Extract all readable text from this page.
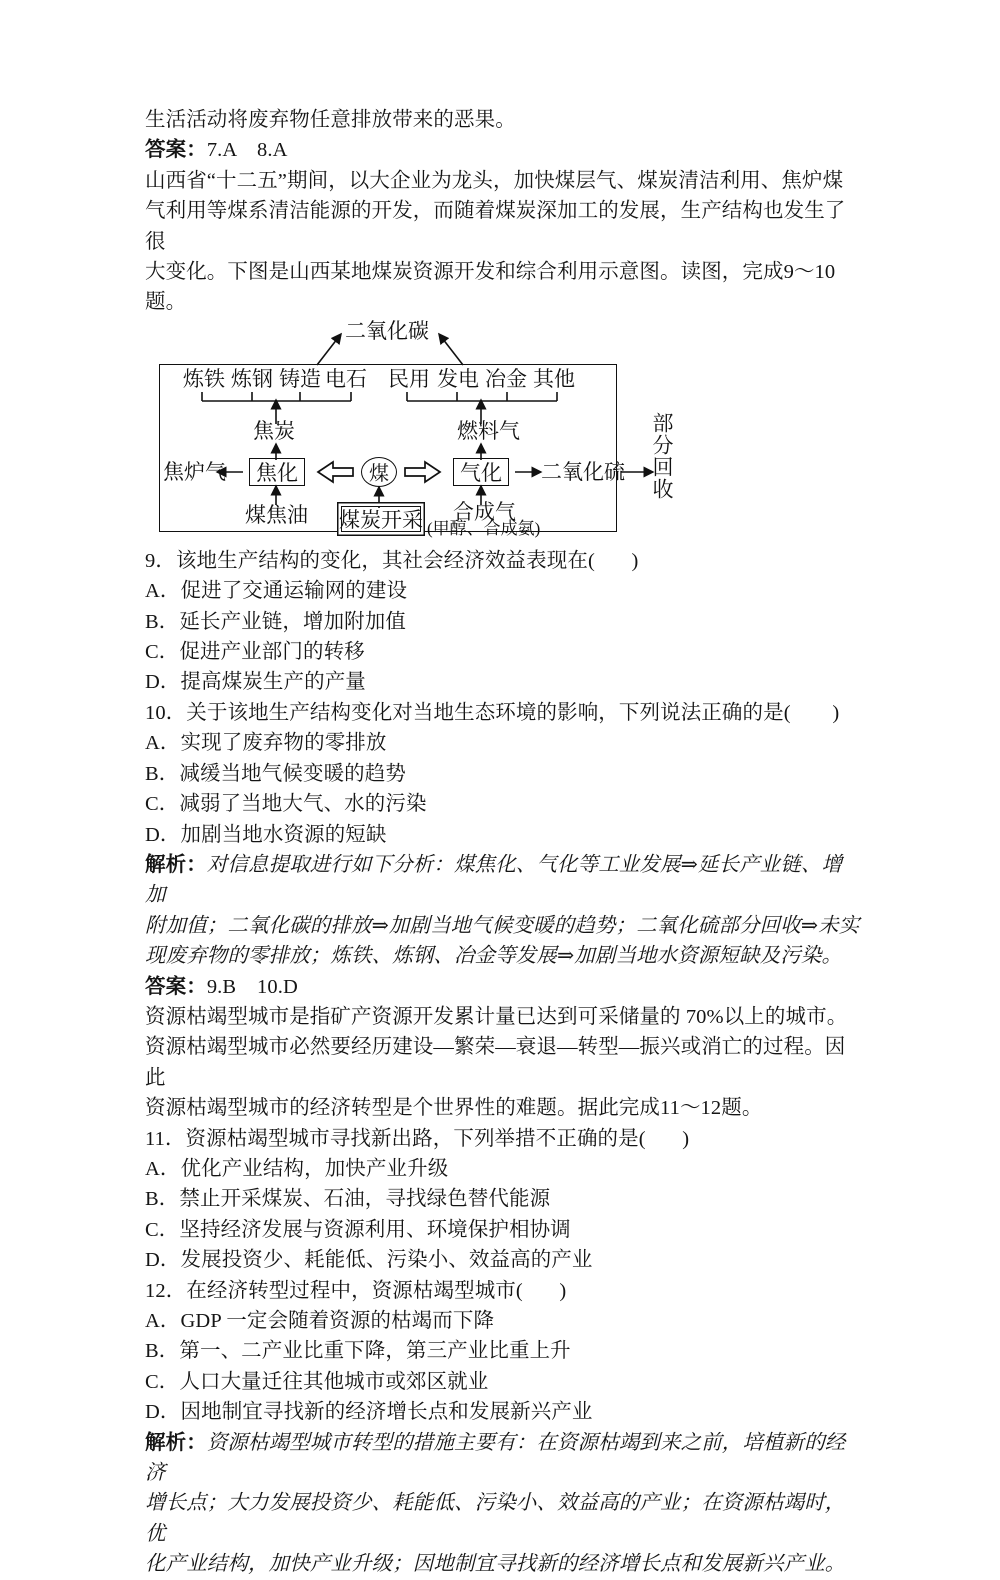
生活活动将废弃物任意排放带来的恶果。
答案：7.A    8.A
山西省“十二五”期间，以大企业为龙头，加快煤层气、煤炭清洁利用、焦炉煤
气利用等煤系清洁能源的开发，而随着煤炭深加工的发展，生产结构也发生了很
大变化。下图是山西某地煤炭资源开发和综合利用示意图。读图，完成9～10题。
二氧化碳
炼铁 炼钢 铸造 电石 民用 发电 冶金 其他
焦炭	燃料气
焦炉气	焦化	煤	气化	二氧化硫 部分回收
煤焦油 煤炭开采 合成气
(甲醇、合成氨)
9．该地生产结构的变化，其社会经济效益表现在(       )
A．促进了交通运输网的建设
B．延长产业链，增加附加值
C．促进产业部门的转移
D．提高煤炭生产的产量
10．关于该地生产结构变化对当地生态环境的影响，下列说法正确的是(        )
A．实现了废弃物的零排放
B．减缓当地气候变暖的趋势
C．减弱了当地大气、水的污染
D．加剧当地水资源的短缺
解析：对信息提取进行如下分析：煤焦化、气化等工业发展⇒延长产业链、增加
附加值；二氧化碳的排放⇒加剧当地气候变暖的趋势；二氧化硫部分回收⇒未实
现废弃物的零排放；炼铁、炼钢、冶金等发展⇒加剧当地水资源短缺及污染。
答案：9.B    10.D
资源枯竭型城市是指矿产资源开发累计量已达到可采储量的 70%以上的城市。
资源枯竭型城市必然要经历建设—繁荣—衰退—转型—振兴或消亡的过程。因此
资源枯竭型城市的经济转型是个世界性的难题。据此完成11～12题。
11．资源枯竭型城市寻找新出路，下列举措不正确的是(       )
A．优化产业结构，加快产业升级
B．禁止开采煤炭、石油，寻找绿色替代能源
C．坚持经济发展与资源利用、环境保护相协调
D．发展投资少、耗能低、污染小、效益高的产业
12．在经济转型过程中，资源枯竭型城市(       )
A．GDP 一定会随着资源的枯竭而下降
B．第一、二产业比重下降，第三产业比重上升
C．人口大量迁往其他城市或郊区就业
D．因地制宜寻找新的经济增长点和发展新兴产业
解析：资源枯竭型城市转型的措施主要有：在资源枯竭到来之前，培植新的经济
增长点；大力发展投资少、耗能低、污染小、效益高的产业；在资源枯竭时，优
化产业结构，加快产业升级；因地制宜寻找新的经济增长点和发展新兴产业。
